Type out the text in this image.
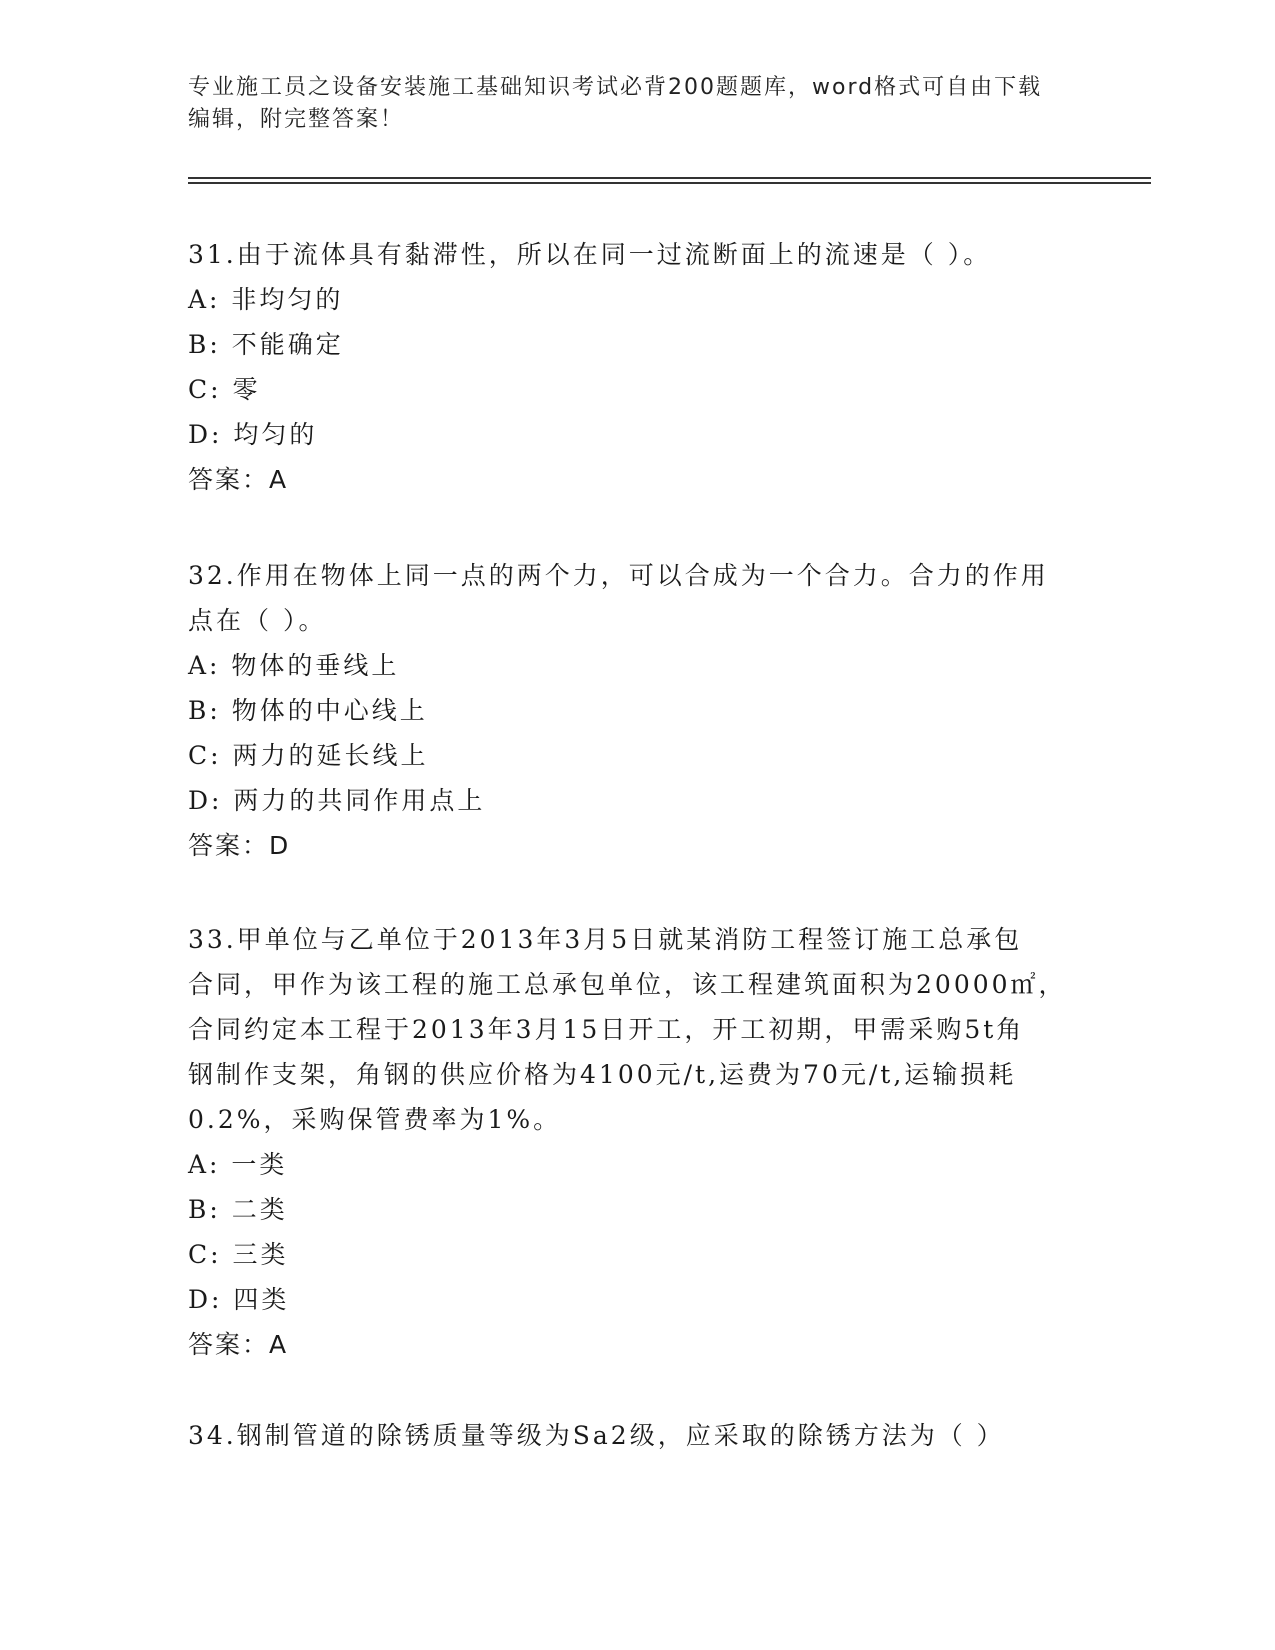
专业施工员之设备安装施工基础知识考试必背200题题库，word格式可自由下载
编辑，附完整答案！

31.由于流体具有黏滞性，所以在同一过流断面上的流速是（ ）。

A: 非均匀的

B: 不能确定

C: 零

D: 均匀的

答案：A

32.作用在物体上同一点的两个力，可以合成为一个合力。合力的作用

点在（ ）。

A: 物体的垂线上

B: 物体的中心线上

C: 两力的延长线上

D: 两力的共同作用点上

答案：D

33.甲单位与乙单位于2013年3月5日就某消防工程签订施工总承包

合同，甲作为该工程的施工总承包单位，该工程建筑面积为20000㎡，

合同约定本工程于2013年3月15日开工，开工初期，甲需采购5t角

钢制作支架，角钢的供应价格为4100元/t,运费为70元/t,运输损耗

0.2%，采购保管费率为1%。

A: 一类

B: 二类

C: 三类

D: 四类

答案：A

34.钢制管道的除锈质量等级为Sa2级，应采取的除锈方法为（ ）
